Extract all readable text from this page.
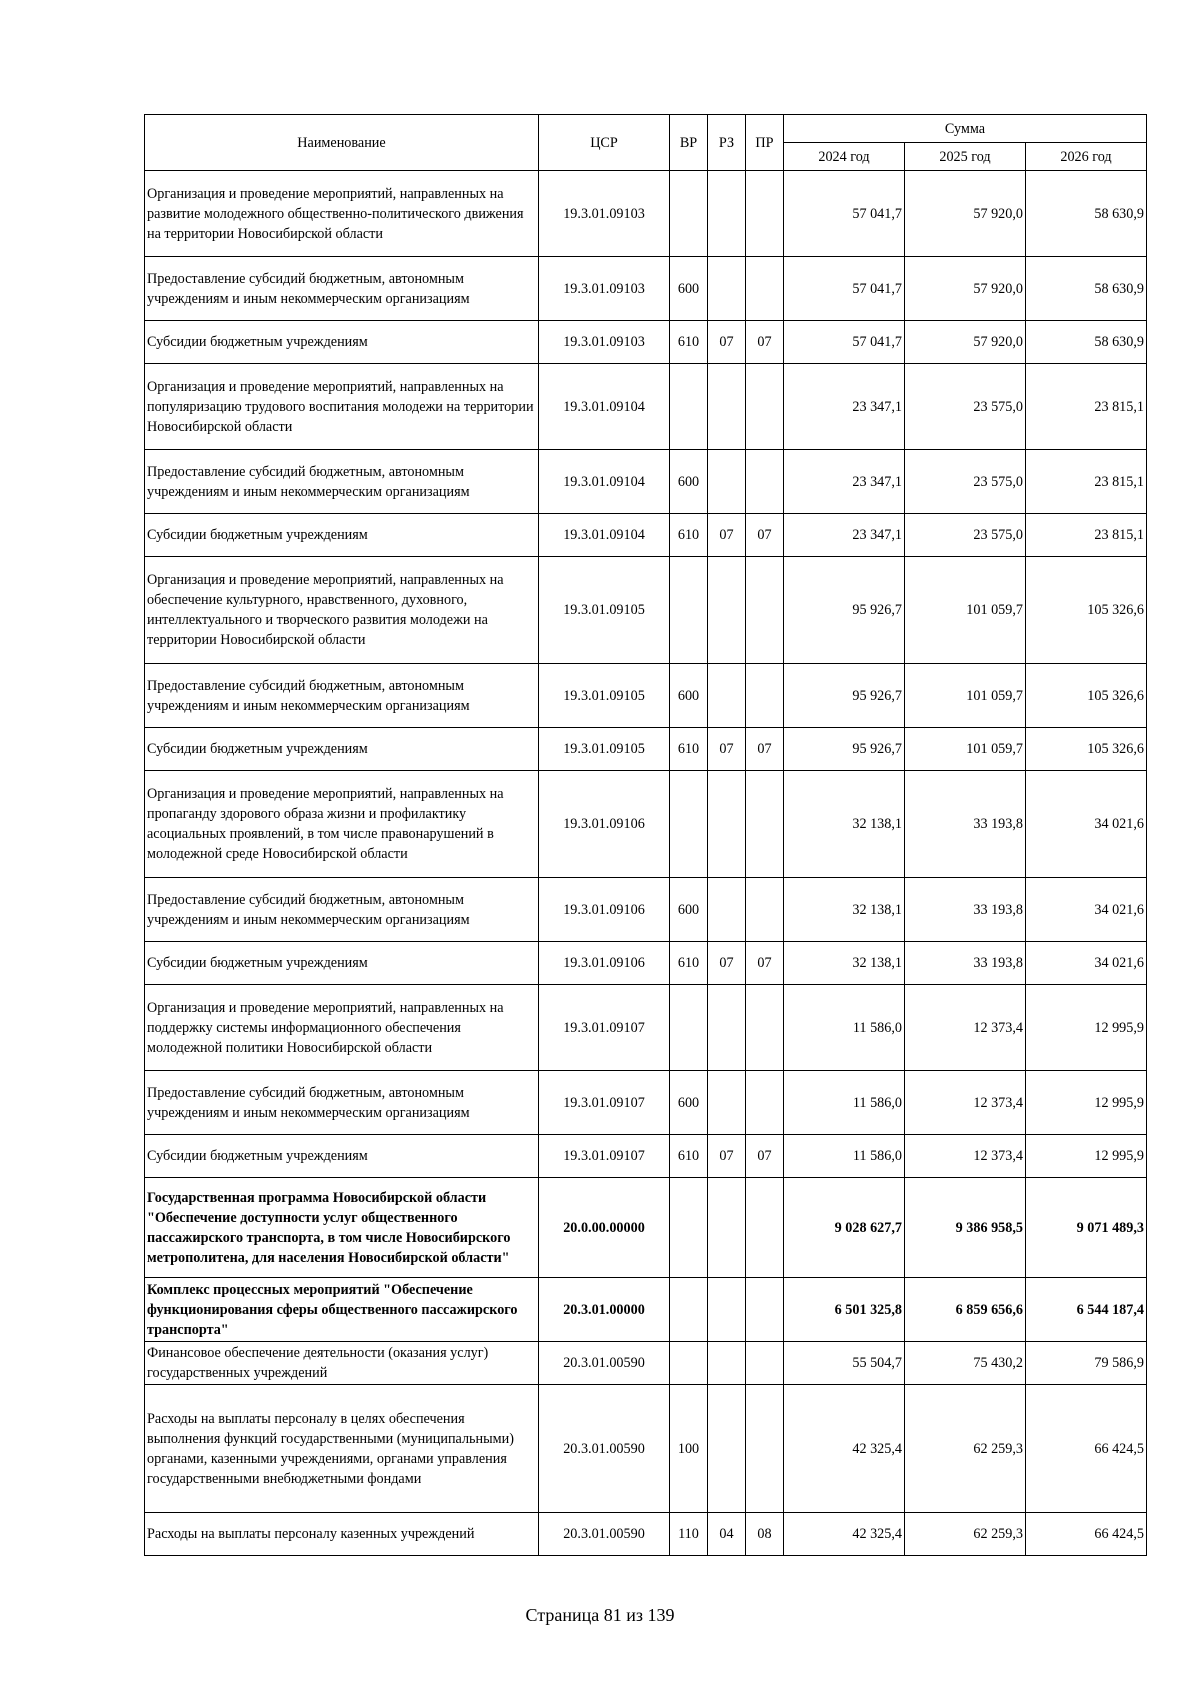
Наименование	ЦСР	ВР	РЗ	ПР	Сумма		
					2024 год	2025 год	2026 год
Организация и проведение мероприятий, направленных на развитие молодежного общественно-политического движения на территории Новосибирской области	19.3.01.09103				57 041,7	57 920,0	58 630,9
Предоставление субсидий бюджетным, автономным учреждениям и иным некоммерческим организациям	19.3.01.09103	600			57 041,7	57 920,0	58 630,9
Субсидии бюджетным учреждениям	19.3.01.09103	610	07	07	57 041,7	57 920,0	58 630,9
Организация и проведение мероприятий, направленных на популяризацию трудового воспитания молодежи на территории Новосибирской области	19.3.01.09104				23 347,1	23 575,0	23 815,1
Предоставление субсидий бюджетным, автономным учреждениям и иным некоммерческим организациям	19.3.01.09104	600			23 347,1	23 575,0	23 815,1
Субсидии бюджетным учреждениям	19.3.01.09104	610	07	07	23 347,1	23 575,0	23 815,1
Организация и проведение мероприятий, направленных на обеспечение культурного, нравственного, духовного, интеллектуального и творческого развития молодежи на территории Новосибирской области	19.3.01.09105				95 926,7	101 059,7	105 326,6
Предоставление субсидий бюджетным, автономным учреждениям и иным некоммерческим организациям	19.3.01.09105	600			95 926,7	101 059,7	105 326,6
Субсидии бюджетным учреждениям	19.3.01.09105	610	07	07	95 926,7	101 059,7	105 326,6
Организация и проведение мероприятий, направленных на пропаганду здорового образа жизни и профилактику асоциальных проявлений, в том числе правонарушений в молодежной среде Новосибирской области	19.3.01.09106				32 138,1	33 193,8	34 021,6
Предоставление субсидий бюджетным, автономным учреждениям и иным некоммерческим организациям	19.3.01.09106	600			32 138,1	33 193,8	34 021,6
Субсидии бюджетным учреждениям	19.3.01.09106	610	07	07	32 138,1	33 193,8	34 021,6
Организация и проведение мероприятий, направленных на поддержку системы информационного обеспечения молодежной политики Новосибирской области	19.3.01.09107				11 586,0	12 373,4	12 995,9
Предоставление субсидий бюджетным, автономным учреждениям и иным некоммерческим организациям	19.3.01.09107	600			11 586,0	12 373,4	12 995,9
Субсидии бюджетным учреждениям	19.3.01.09107	610	07	07	11 586,0	12 373,4	12 995,9
Государственная программа Новосибирской области "Обеспечение доступности услуг общественного пассажирского транспорта, в том числе Новосибирского метрополитена, для населения Новосибирской области"	20.0.00.00000				9 028 627,7	9 386 958,5	9 071 489,3
Комплекс процессных мероприятий "Обеспечение функционирования сферы общественного пассажирского транспорта"	20.3.01.00000				6 501 325,8	6 859 656,6	6 544 187,4
Финансовое обеспечение деятельности (оказания услуг) государственных учреждений	20.3.01.00590				55 504,7	75 430,2	79 586,9
Расходы на выплаты персоналу в целях обеспечения выполнения функций государственными (муниципальными) органами, казенными учреждениями, органами управления государственными внебюджетными фондами	20.3.01.00590	100			42 325,4	62 259,3	66 424,5
Расходы на выплаты персоналу казенных учреждений	20.3.01.00590	110	04	08	42 325,4	62 259,3	66 424,5
Страница 81 из 139
